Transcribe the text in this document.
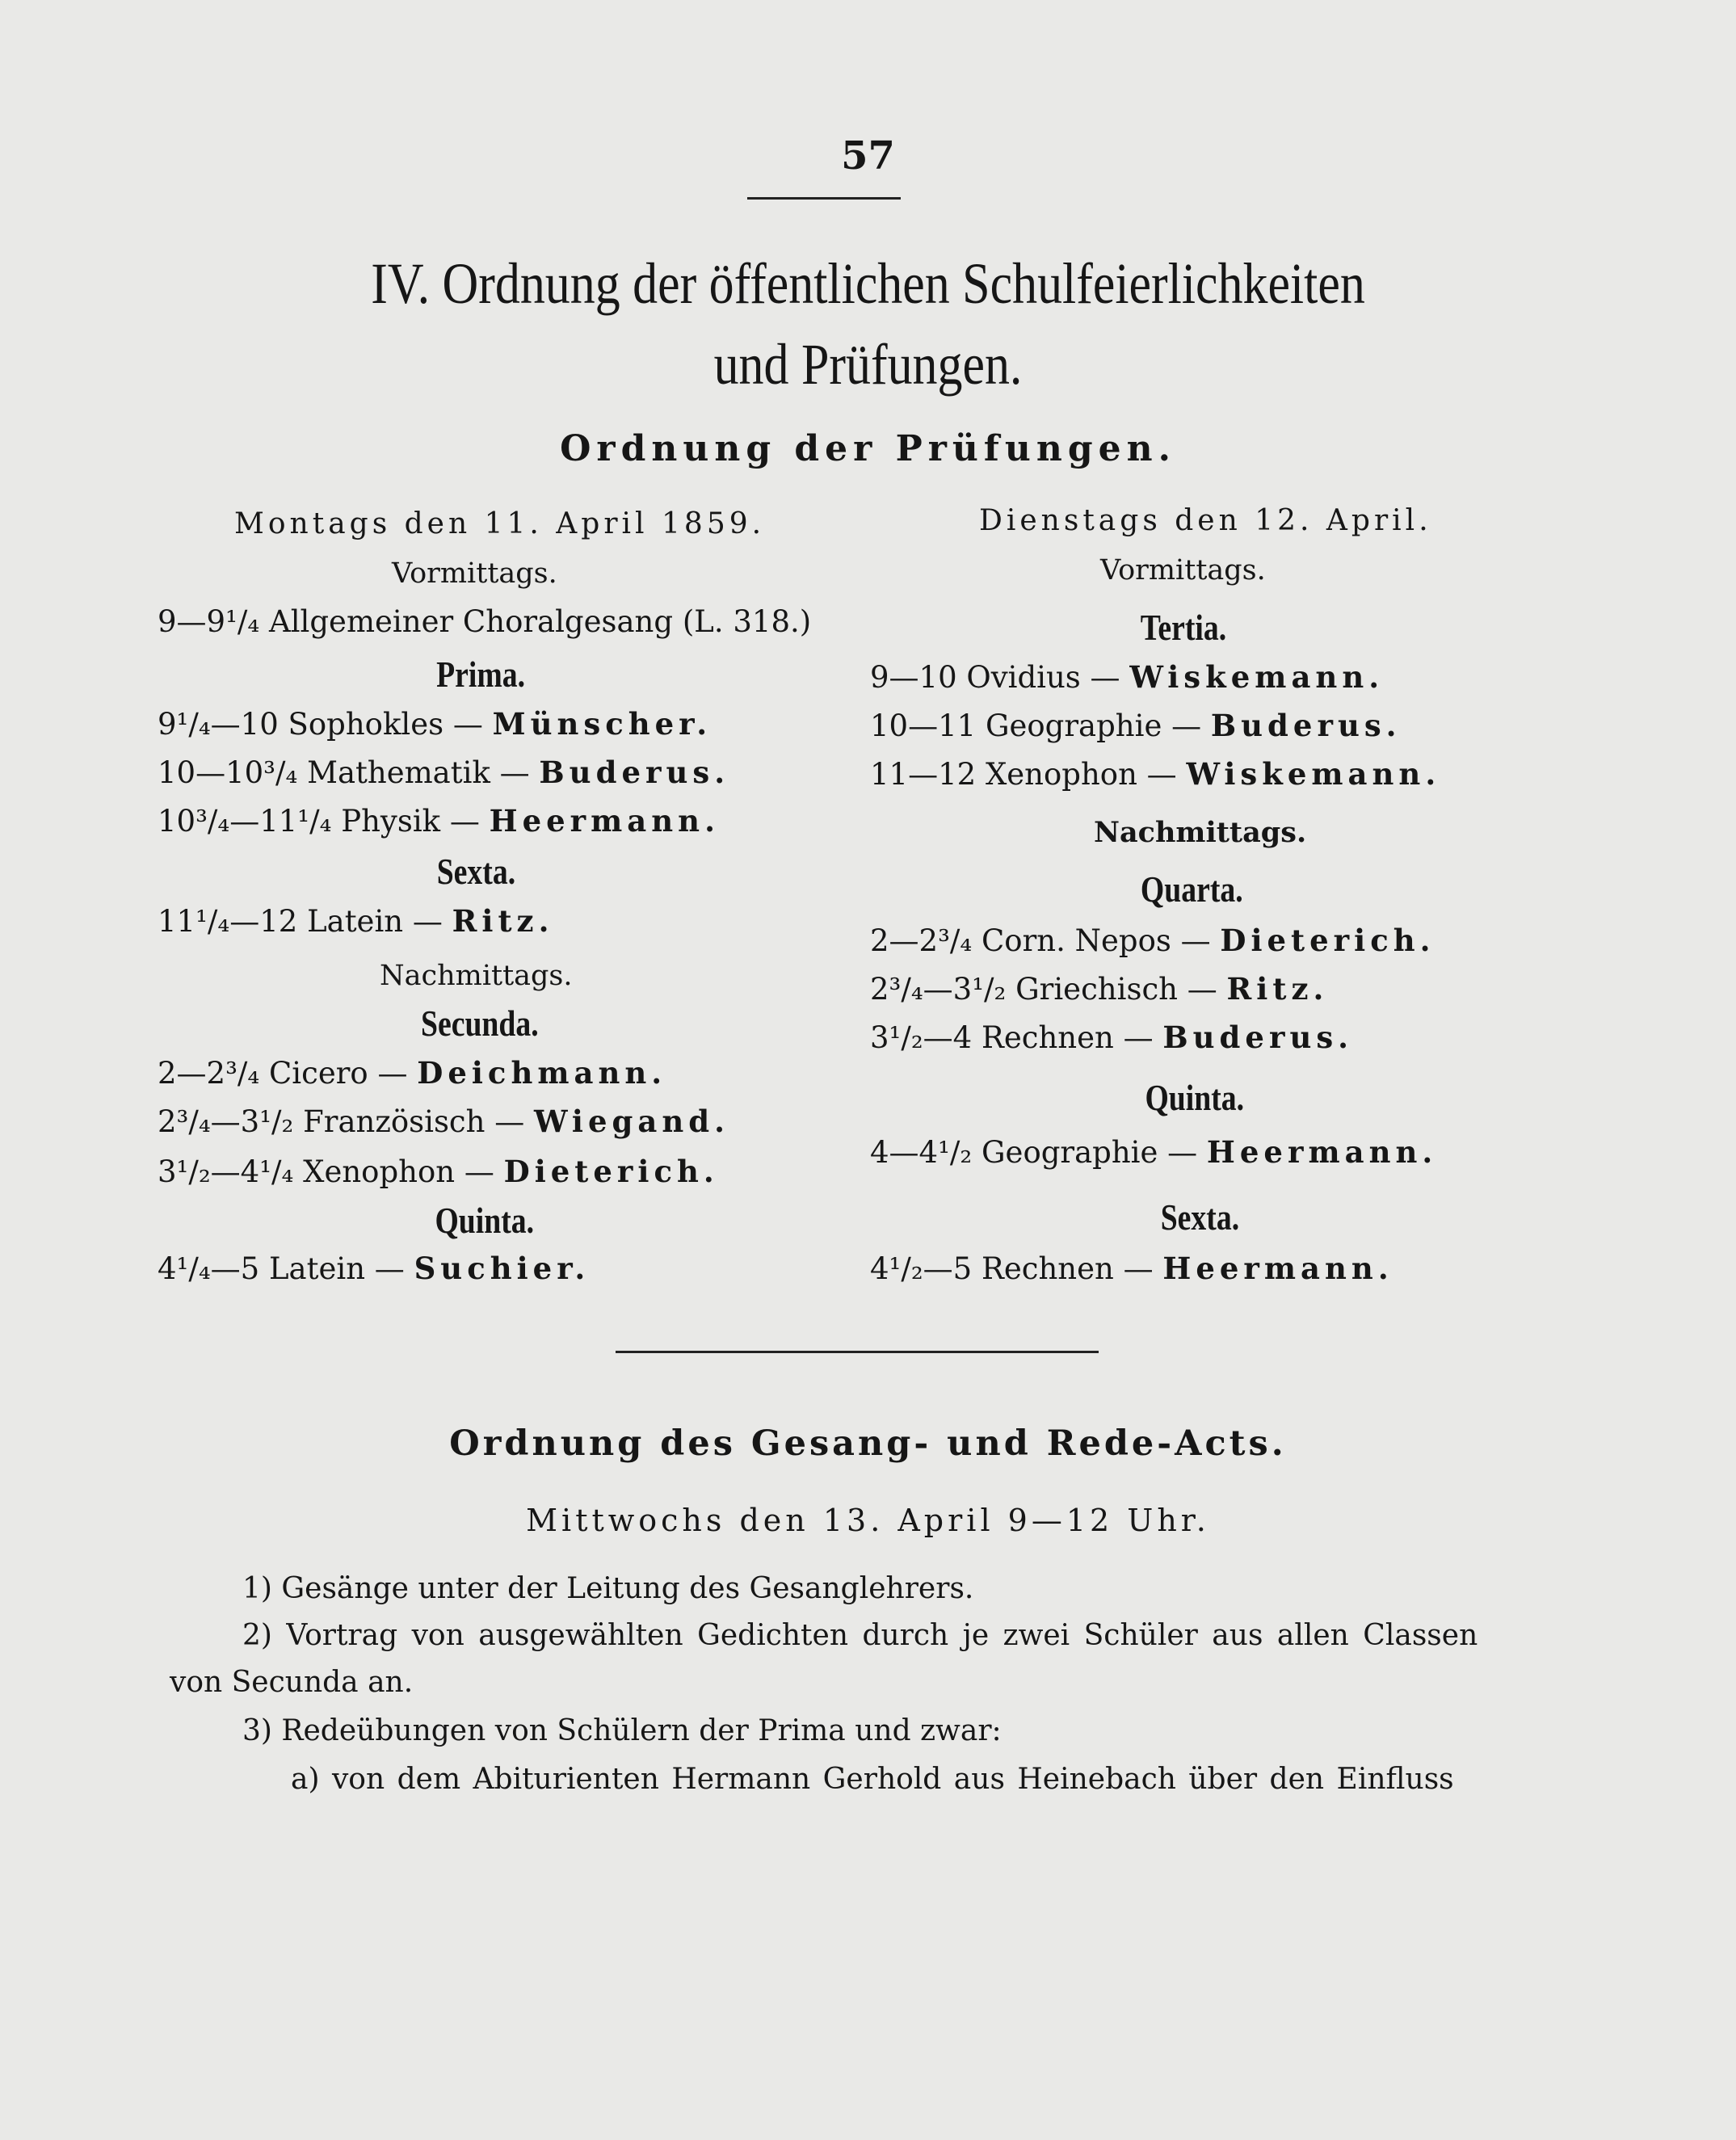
57
IV. Ordnung der öffentlichen Schulfeierlichkeiten
und Prüfungen.
Ordnung der Prüfungen.
Montags den 11. April 1859.
Vormittags.
9—9¹/₄ Allgemeiner Choralgesang (L. 318.)
Prima.
9¹/₄—10 Sophokles — Münscher.
10—10³/₄ Mathematik — Buderus.
10³/₄—11¹/₄ Physik — Heermann.
Sexta.
11¹/₄—12 Latein — Ritz.
Nachmittags.
Secunda.
2—2³/₄ Cicero — Deichmann.
2³/₄—3¹/₂ Französisch — Wiegand.
3¹/₂—4¹/₄ Xenophon — Dieterich.
Quinta.
4¹/₄—5 Latein — Suchier.
Dienstags den 12. April.
Vormittags.
Tertia.
9—10 Ovidius — Wiskemann.
10—11 Geographie — Buderus.
11—12 Xenophon — Wiskemann.
Nachmittags.
Quarta.
2—2³/₄ Corn. Nepos — Dieterich.
2³/₄—3¹/₂ Griechisch — Ritz.
3¹/₂—4 Rechnen — Buderus.
Quinta.
4—4¹/₂ Geographie — Heermann.
Sexta.
4¹/₂—5 Rechnen — Heermann.
Ordnung des Gesang- und Rede-Acts.
Mittwochs den 13. April 9—12 Uhr.
1) Gesänge unter der Leitung des Gesanglehrers.
2) Vortrag von ausgewählten Gedichten durch je zwei Schüler aus allen Classen
von Secunda an.
3) Redeübungen von Schülern der Prima und zwar:
a) von dem Abiturienten Hermann Gerhold aus Heinebach über den Einfluss
